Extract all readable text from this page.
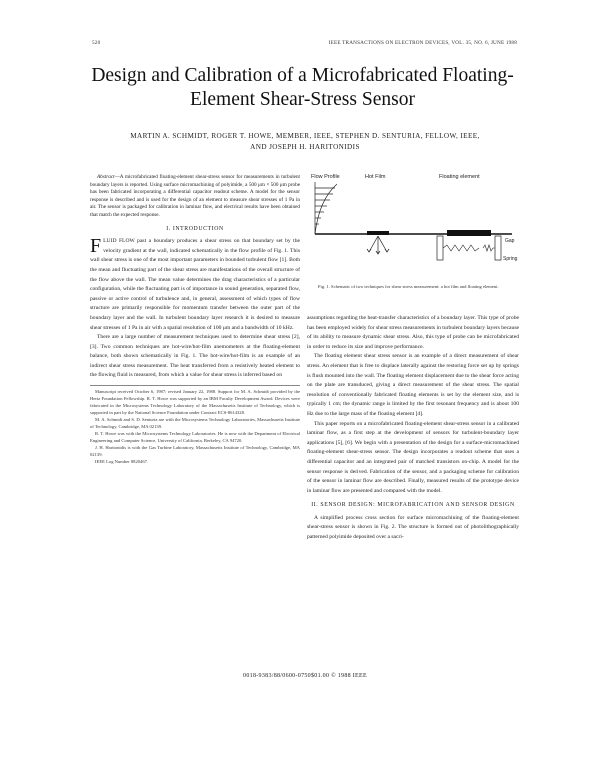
520	IEEE TRANSACTIONS ON ELECTRON DEVICES, VOL. 35, NO. 6, JUNE 1988
Design and Calibration of a Microfabricated Floating-
Element Shear-Stress Sensor
MARTIN A. SCHMIDT, ROGER T. HOWE, MEMBER, IEEE, STEPHEN D. SENTURIA, FELLOW, IEEE,
AND JOSEPH H. HARITONIDIS

Abstract—A microfabricated floating-element shear-stress sensor for measurements in turbulent boundary layers is reported. Using surface micromachining of polyimide, a 500 μm × 500 μm probe has been fabricated incorporating a differential capacitor readout scheme. A model for the sensor response is described and is used for the design of an element to measure shear stresses of 1 Pa in air. The sensor is packaged for calibration in laminar flow, and electrical results have been obtained that match the expected response.

I. INTRODUCTION

FLUID FLOW past a boundary produces a shear stress on that boundary set by the velocity gradient at the wall, indicated schematically in the flow profile of Fig. 1. This wall shear stress is one of the most important parameters in bounded turbulent flow [1]. Both the mean and fluctuating part of the shear stress are manifestations of the overall structure of the flow above the wall. The mean value determines the drag characteristics of a particular configuration, while the fluctuating part is of importance in sound generation, separated flow, passive or active control of turbulence and, in general, assessment of which types of flow structure are primarily responsible for momentum transfer between the outer part of the boundary layer and the wall. In turbulent boundary layer research it is desired to measure shear stresses of 1 Pa in air with a spatial resolution of 100 μm and a bandwidth of 10 kHz.

There are a large number of measurement techniques used to determine shear stress [2], [3]. Two common techniques are hot-wire/hot-film anemometers at the floating-element balance, both shown schematically in Fig. 1. The hot-wire/hot-film is an example of an indirect shear stress measurement. The heat transferred from a resistively heated element to the flowing fluid is measured, from which a value for shear stress is inferred based on

Manuscript received October 6, 1987; revised January 22, 1988. Support for M. A. Schmidt provided by the Hertz Foundation Fellowship. R. T. Howe was supported by an IBM Faculty Development Award. Devices were fabricated in the Microsystems Technology Laboratory of the Massachusetts Institute of Technology, which is supported in part by the National Science Foundation under Contract ECS-8614328.

M. A. Schmidt and S. D. Senturia are with the Microsystems Technology Laboratories, Massachusetts Institute of Technology, Cambridge, MA 02139.

R. T. Howe was with the Microsystems Technology Laboratories. He is now with the Department of Electrical Engineering and Computer Science, University of California, Berkeley, CA 94720.

J. H. Haritonidis is with the Gas Turbine Laboratory, Massachusetts Institute of Technology, Cambridge, MA 02139.

IEEE Log Number 8820467.

Flow Profile	Hot Film	Floating element
Gap
Spring
Fig. 1. Schematic of two techniques for shear stress measurement: a hot film and floating element.

assumptions regarding the heat-transfer characteristics of a boundary layer. This type of probe has been employed widely for shear stress measurements in turbulent boundary layers because of its ability to measure dynamic shear stress. Also, this type of probe can be microfabricated in order to reduce its size and improve performance.

The floating element shear stress sensor is an example of a direct measurement of shear stress. An element that is free to displace laterally against the restoring force set up by springs is flush mounted into the wall. The floating element displacement due to the shear force acting on the plate are transduced, giving a direct measurement of the shear stress. The spatial resolution of conventionally fabricated floating elements is set by the element size, and is typically 1 cm; the dynamic range is limited by the first resonant frequency and is about 100 Hz due to the large mass of the floating element [4].

This paper reports on a microfabricated floating-element shear-stress sensor in a calibrated laminar flow, as a first step at the development of sensors for turbulent-boundary layer applications [5], [6]. We begin with a presentation of the design for a surface-micromachined floating-element shear-stress sensor. The design incorporates a readout scheme that uses a differential capacitor and an integrated pair of matched transistors on-chip. A model for the sensor response is derived. Fabrication of the sensor, and a packaging scheme for calibration of the sensor in laminar flow are described. Finally, measured results of the prototype device in laminar flow are presented and compared with the model.

II. SENSOR DESIGN: MICROFABRICATION AND SENSOR DESIGN

A simplified process cross section for surface micromachining of the floating-element shear-stress sensor is shown in Fig. 2. The structure is formed out of photolithographically patterned polyimide deposited over a sacri-

0018-9383/88/0600-0750$01.00 © 1988 IEEE
